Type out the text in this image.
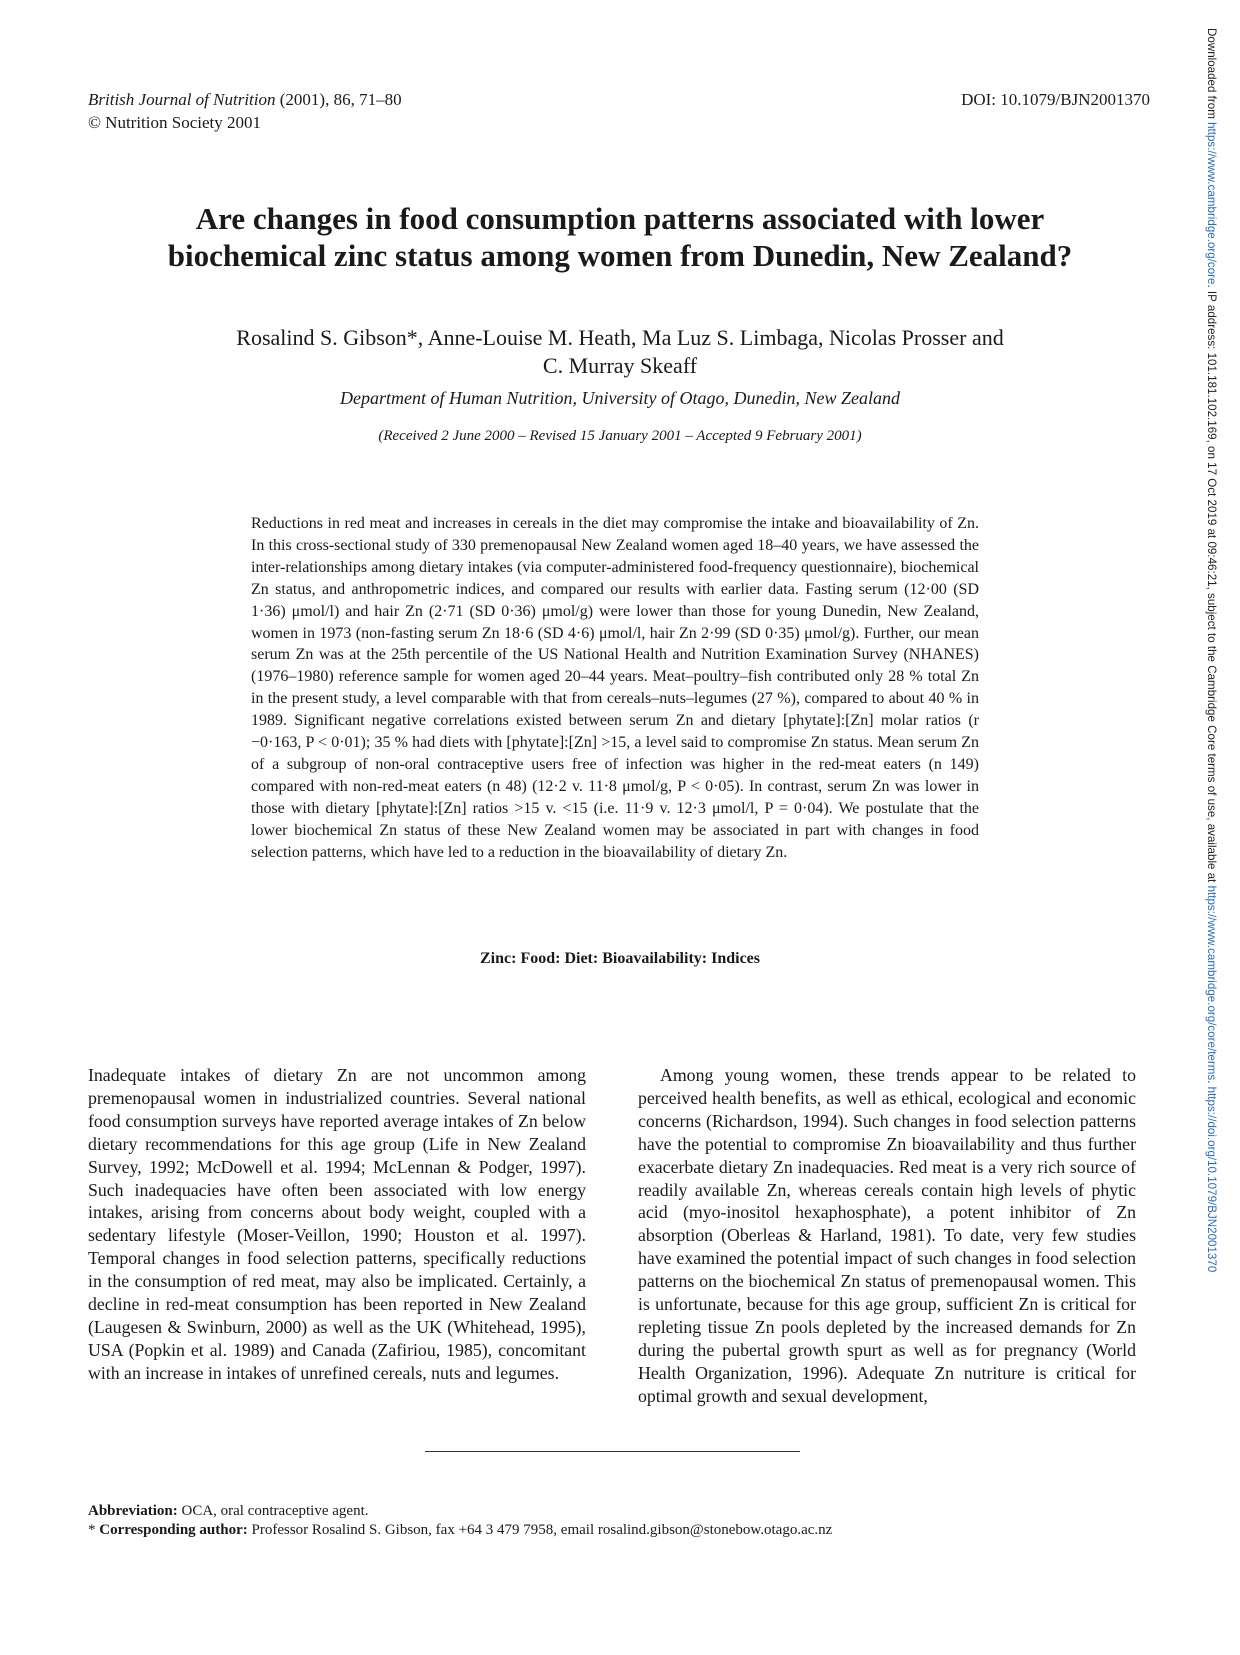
British Journal of Nutrition (2001), 86, 71–80
© Nutrition Society 2001
DOI: 10.1079/BJN2001370
Are changes in food consumption patterns associated with lower
biochemical zinc status among women from Dunedin, New Zealand?
Rosalind S. Gibson*, Anne-Louise M. Heath, Ma Luz S. Limbaga, Nicolas Prosser and
C. Murray Skeaff
Department of Human Nutrition, University of Otago, Dunedin, New Zealand
(Received 2 June 2000 – Revised 15 January 2001 – Accepted 9 February 2001)
Reductions in red meat and increases in cereals in the diet may compromise the intake and bioavailability of Zn. In this cross-sectional study of 330 premenopausal New Zealand women aged 18–40 years, we have assessed the inter-relationships among dietary intakes (via computer-administered food-frequency questionnaire), biochemical Zn status, and anthropometric indices, and compared our results with earlier data. Fasting serum (12·00 (SD 1·36) μmol/l) and hair Zn (2·71 (SD 0·36) μmol/g) were lower than those for young Dunedin, New Zealand, women in 1973 (non-fasting serum Zn 18·6 (SD 4·6) μmol/l, hair Zn 2·99 (SD 0·35) μmol/g). Further, our mean serum Zn was at the 25th percentile of the US National Health and Nutrition Examination Survey (NHANES) (1976–1980) reference sample for women aged 20–44 years. Meat–poultry–fish contributed only 28 % total Zn in the present study, a level comparable with that from cereals–nuts–legumes (27 %), compared to about 40 % in 1989. Significant negative correlations existed between serum Zn and dietary [phytate]:[Zn] molar ratios (r −0·163, P < 0·01); 35 % had diets with [phytate]:[Zn] >15, a level said to compromise Zn status. Mean serum Zn of a subgroup of non-oral contraceptive users free of infection was higher in the red-meat eaters (n 149) compared with non-red-meat eaters (n 48) (12·2 v. 11·8 μmol/g, P < 0·05). In contrast, serum Zn was lower in those with dietary [phytate]:[Zn] ratios >15 v. <15 (i.e. 11·9 v. 12·3 μmol/l, P = 0·04). We postulate that the lower biochemical Zn status of these New Zealand women may be associated in part with changes in food selection patterns, which have led to a reduction in the bioavailability of dietary Zn.
Zinc: Food: Diet: Bioavailability: Indices

Inadequate intakes of dietary Zn are not uncommon among premenopausal women in industrialized countries. Several national food consumption surveys have reported average intakes of Zn below dietary recommendations for this age group (Life in New Zealand Survey, 1992; McDowell et al. 1994; McLennan & Podger, 1997). Such inadequacies have often been associated with low energy intakes, arising from concerns about body weight, coupled with a sedentary lifestyle (Moser-Veillon, 1990; Houston et al. 1997). Temporal changes in food selection patterns, specifically reductions in the consumption of red meat, may also be implicated. Certainly, a decline in red-meat consumption has been reported in New Zealand (Laugesen & Swinburn, 2000) as well as the UK (Whitehead, 1995), USA (Popkin et al. 1989) and Canada (Zafiriou, 1985), concomitant with an increase in intakes of unrefined cereals, nuts and legumes.

Among young women, these trends appear to be related to perceived health benefits, as well as ethical, ecological and economic concerns (Richardson, 1994). Such changes in food selection patterns have the potential to compromise Zn bioavailability and thus further exacerbate dietary Zn inadequacies. Red meat is a very rich source of readily available Zn, whereas cereals contain high levels of phytic acid (myo-inositol hexaphosphate), a potent inhibitor of Zn absorption (Oberleas & Harland, 1981). To date, very few studies have examined the potential impact of such changes in food selection patterns on the biochemical Zn status of premenopausal women. This is unfortunate, because for this age group, sufficient Zn is critical for repleting tissue Zn pools depleted by the increased demands for Zn during the pubertal growth spurt as well as for pregnancy (World Health Organization, 1996). Adequate Zn nutriture is critical for optimal growth and sexual development,

Abbreviation: OCA, oral contraceptive agent.
* Corresponding author: Professor Rosalind S. Gibson, fax +64 3 479 7958, email rosalind.gibson@stonebow.otago.ac.nz
Downloaded from https://www.cambridge.org/core. IP address: 101.181.102.169, on 17 Oct 2019 at 09:46:21, subject to the Cambridge Core terms of use, available at https://www.cambridge.org/core/terms. https://doi.org/10.1079/BJN2001370
